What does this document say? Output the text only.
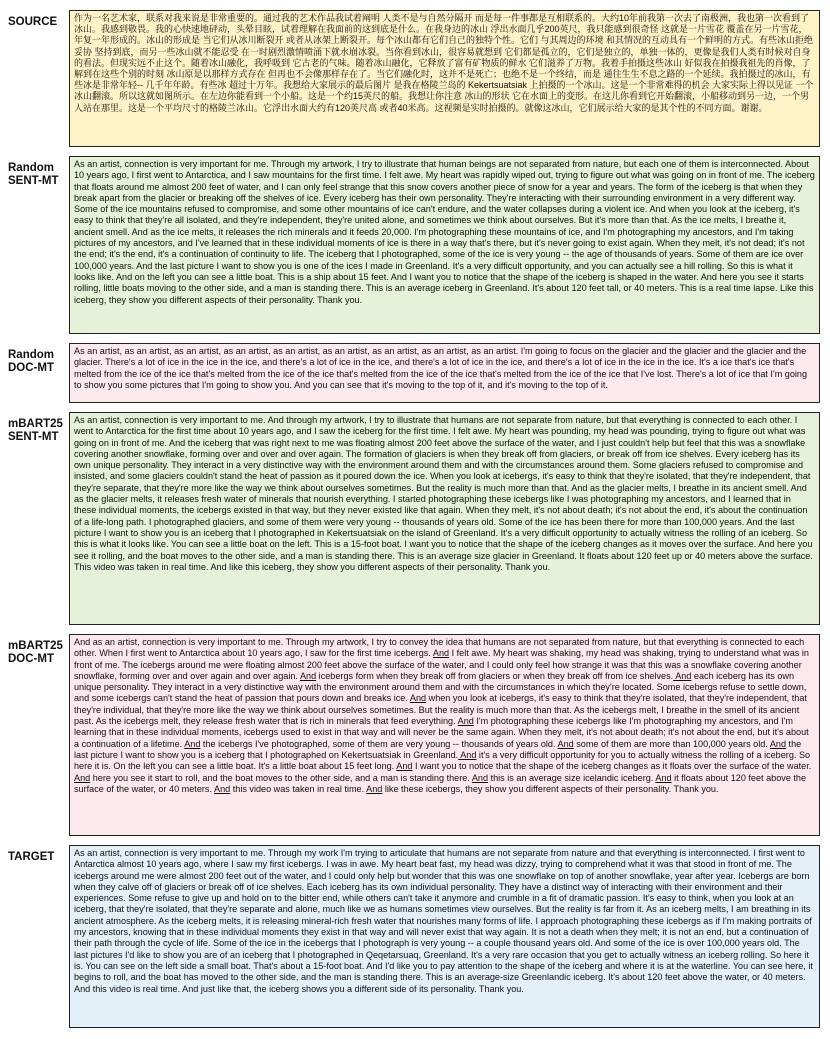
SOURCE	作为一名艺术家，联系对我来说是非常重要的。通过我的艺术作品我试着阐明 人类不是与自然分隔开 而是每一件事都是互相联系的。大约10年前我第一次去了南极洲，我也第一次看到了冰山。我感到敬畏。我的心快速地砰动，头晕目眩，试着理解在我面前的这到底是什么。在我身边的冰山 浮出水面几乎200英尺，我只能感到很奇怪 这就是一片雪花 覆盖在另一片雪花，年复一年形成的。冰山的形成是 当它们从冰川断裂开 或者从冰架上断裂开。每个冰山都有它们自己的独特个性。它们 与其周边的环境 和其情况的互动具有一个鲜明的方式。有些冰山拒绝妥协 坚持到底，而另一些冰山就不能忍受 在一时剧烈激情喷涌下就水崩冰裂。当你看到冰山，很容易就想到 它们都是孤立的，它们是独立的，单独一体的，更像是我们人类有时候对自身的看法。但现实远不止这个。随着冰山融化，我呼吸到 它古老的气味。随着冰山融化，它释放了富有矿物质的鲜水 它们滋养了万物。我着手拍摄这些冰山 好似我在拍摄我祖先的肖像，了解到在这些个别的时刻 冰山原是以那样方式存在 但再也不会像那样存在了。当它们融化时，这并不是死亡；也绝不是一个终结，而是 通往生生不息之路的一个延续。我拍摄过的冰山，有些冰是非常年轻-- 几千年年龄。有些冰 超过十万年。我想给大家展示的最后图片 是我在格陵兰岛的 Kekertsuatsiak 上拍摄的一个冰山。这是一个非常难得的机会 大家实际上得以见证 一个冰山翻滚。所以这就如图所示。在左边你能看到一个小船。这是一个约15英尺的船。我想让你注意 冰山的形状 它在水面上的变形。在这儿你看到它开始翻滚，小船移动到另一边，一个男人站在那里。这是一个平均尺寸的格陵兰冰山。它浮出水面大约有120英尺高 或者40米高。这视频是实时拍摄的。就像这冰山，它们展示给大家的是其个性的不同方面。谢谢。

Random
SENT-MT

As an artist, connection is very important for me. Through my artwork, I try to illustrate that human beings are not separated from nature, but each one of them is interconnected. About 10 years ago, I first went to Antarctica, and I saw mountains for the first time. I felt awe. My heart was rapidly wiped out, trying to figure out what was going on in front of me. The iceberg that floats around me almost 200 feet of water, and I can only feel strange that this snow covers another piece of snow for a year and years. The form of the iceberg is that when they break apart from the glacier or breaking off the shelves of ice. Every iceberg has their own personality. They're interacting with their surrounding environment in a very different way. Some of the ice mountains refused to compromise, and some other mountains of ice can't endure, and the water collapses during a violent ice. And when you look at the iceberg, it's easy to think that they're all isolated, and they're independent, they're united alone, and sometimes we think about ourselves. But it's more than that. As the ice melts, I breathe it, ancient smell. And as the ice melts, it releases the rich minerals and it feeds 20,000. I'm photographing these mountains of ice, and I'm photographing my ancestors, and I'm taking pictures of my ancestors, and I've learned that in these individual moments of ice is there in a way that's there, but it's never going to exist again. When they melt, it's not dead; it's not the end; it's the end, it's a continuation of continuity to life. The iceberg that I photographed, some of the ice is very young -- the age of thousands of years. Some of them are ice over 100,000 years. And the last picture I want to show you is one of the ices I made in Greenland. It's a very difficult opportunity, and you can actually see a hill rolling. So this is what it looks like. And on the left you can see a little boat. This is a ship about 15 feet. And I want you to notice that the shape of the iceberg is shaped in the water. And here you see it starts rolling, little boats moving to the other side, and a man is standing there. This is an average iceberg in Greenland. It's about 120 feet tall, or 40 meters. This is a real time lapse. Like this iceberg, they show you different aspects of their personality. Thank you.

Random
DOC-MT

As an artist, as an artist, as an artist, as an artist, as an artist, as an artist, as an artist, as an artist, as an artist. I'm going to focus on the glacier and the glacier and the glacier and the glacier. There's a lot of ice in the ice in the ice, and there's a lot of ice in the ice, and there's a lot of ice in the ice, and there's a lot of ice in the ice in the ice. It's a ice that's ice that's melted from the ice of the ice that's melted from the ice of the ice that's melted from the ice of the ice that's melted from the ice of the ice that I've lost. There's a lot of ice that I'm going to show you some pictures that I'm going to show you. And you can see that it's moving to the top of it, and it's moving to the top of it.

mBART25
SENT-MT

As an artist, connection is very important to me. And through my artwork, I try to illustrate that humans are not separate from nature, but that everything is connected to each other. I went to Antarctica for the first time about 10 years ago, and I saw the iceberg for the first time. I felt awe. My heart was pounding, my head was pounding, trying to figure out what was going on in front of me. And the iceberg that was right next to me was floating almost 200 feet above the surface of the water, and I just couldn't help but feel that this was a snowflake covering another snowflake, forming over and over and over again. The formation of glaciers is when they break off from glaciers, or break off from ice shelves. Every iceberg has its own unique personality. They interact in a very distinctive way with the environment around them and with the circumstances around them. Some glaciers refused to compromise and insisted, and some glaciers couldn't stand the heat of passion as it poured down the ice. When you look at icebergs, it's easy to think that they're isolated, that they're independent, that they're separate, that they're more like the way we think about ourselves sometimes. But the reality is much more than that. And as the glacier melts, I breathe in its ancient smell. And as the glacier melts, it releases fresh water of minerals that nourish everything. I started photographing these icebergs like I was photographing my ancestors, and I learned that in these individual moments, the icebergs existed in that way, but they never existed like that again. When they melt, it's not about death; it's not about the end, it's about the continuation of a life-long path. I photographed glaciers, and some of them were very young -- thousands of years old. Some of the ice has been there for more than 100,000 years. And the last picture I want to show you is an iceberg that I photographed in Kekertsuatsiak on the island of Greenland. It's a very difficult opportunity to actually witness the rolling of an iceberg. So this is what it looks like. You can see a little boat on the left. This is a 15-foot boat. I want you to notice that the shape of the iceberg changes as it moves over the surface. And here you see it rolling, and the boat moves to the other side, and a man is standing there. This is an average size glacier in Greenland. It floats about 120 feet up or 40 meters above the surface. This video was taken in real time. And like this iceberg, they show you different aspects of their personality. Thank you.

mBART25
DOC-MT

And as an artist, connection is very important to me. Through my artwork, I try to convey the idea that humans are not separated from nature, but that everything is connected to each other. When I first went to Antarctica about 10 years ago, I saw for the first time icebergs. And I felt awe. My heart was shaking, my head was shaking, trying to understand what was in front of me. The icebergs around me were floating almost 200 feet above the surface of the water, and I could only feel how strange it was that this was a snowflake covering another snowflake, forming over and over again and over again. And icebergs form when they break off from glaciers or when they break off from ice shelves. And each iceberg has its own unique personality. They interact in a very distinctive way with the environment around them and with the circumstances in which they're located. Some icebergs refuse to settle down, and some icebergs can't stand the heat of passion that pours down and breaks ice. And when you look at icebergs, it's easy to think that they're isolated, that they're independent, that they're individual, that they're more like the way we think about ourselves sometimes. But the reality is much more than that. As the icebergs melt, I breathe in the smell of its ancient past. As the icebergs melt, they release fresh water that is rich in minerals that feed everything. And I'm photographing these icebergs like I'm photographing my ancestors, and I'm learning that in these individual moments, icebergs used to exist in that way and will never be the same again. When they melt, it's not about death; it's not about the end, but it's about a continuation of a lifetime. And the icebergs I've photographed, some of them are very young -- thousands of years old. And some of them are more than 100,000 years old. And the last picture I want to show you is a iceberg that I photographed on Kekertsuatsiak in Greenland. And it's a very difficult opportunity for you to actually witness the rolling of a iceberg. So here it is. On the left you can see a little boat. It's a little boat about 15 feet long. And I want you to notice that the shape of the iceberg changes as it floats over the surface of the water. And here you see it start to roll, and the boat moves to the other side, and a man is standing there. And this is an average size icelandic iceberg. And it floats about 120 feet above the surface of the water, or 40 meters. And this video was taken in real time. And like these icebergs, they show you different aspects of their personality. Thank you.

TARGET	As an artist, connection is very important to me. Through my work I'm trying to articulate that humans are not separate from nature and that everything is interconnected. I first went to Antarctica almost 10 years ago, where I saw my first icebergs. I was in awe. My heart beat fast, my head was dizzy, trying to comprehend what it was that stood in front of me. The icebergs around me were almost 200 feet out of the water, and I could only help but wonder that this was one snowflake on top of another snowflake, year after year. Icebergs are born when they calve off of glaciers or break off of ice shelves. Each iceberg has its own individual personality. They have a distinct way of interacting with their environment and their experiences. Some refuse to give up and hold on to the bitter end, while others can't take it anymore and crumble in a fit of dramatic passion. It's easy to think, when you look at an iceberg, that they're isolated, that they're separate and alone, much like we as humans sometimes view ourselves. But the reality is far from it. As an iceberg melts, I am breathing in its ancient atmosphere. As the iceberg melts, it is releasing mineral-rich fresh water that nourishes many forms of life. I approach photographing these icebergs as if I'm making portraits of my ancestors, knowing that in these individual moments they exist in that way and will never exist that way again. It is not a death when they melt; it is not an end, but a continuation of their path through the cycle of life. Some of the ice in the icebergs that I photograph is very young -- a couple thousand years old. And some of the ice is over 100,000 years old. The last pictures I'd like to show you are of an iceberg that I photographed in Qeqetarsuaq, Greenland. It's a very rare occasion that you get to actually witness an iceberg rolling. So here it is. You can see on the left side a small boat. That's about a 15-foot boat. And I'd like you to pay attention to the shape of the iceberg and where it is at the waterline. You can see here, it begins to roll, and the boat has moved to the other side, and the man is standing there. This is an average-size Greenlandic iceberg. It's about 120 feet above the water, or 40 meters. And this video is real time. And just like that, the iceberg shows you a different side of its personality. Thank you.
